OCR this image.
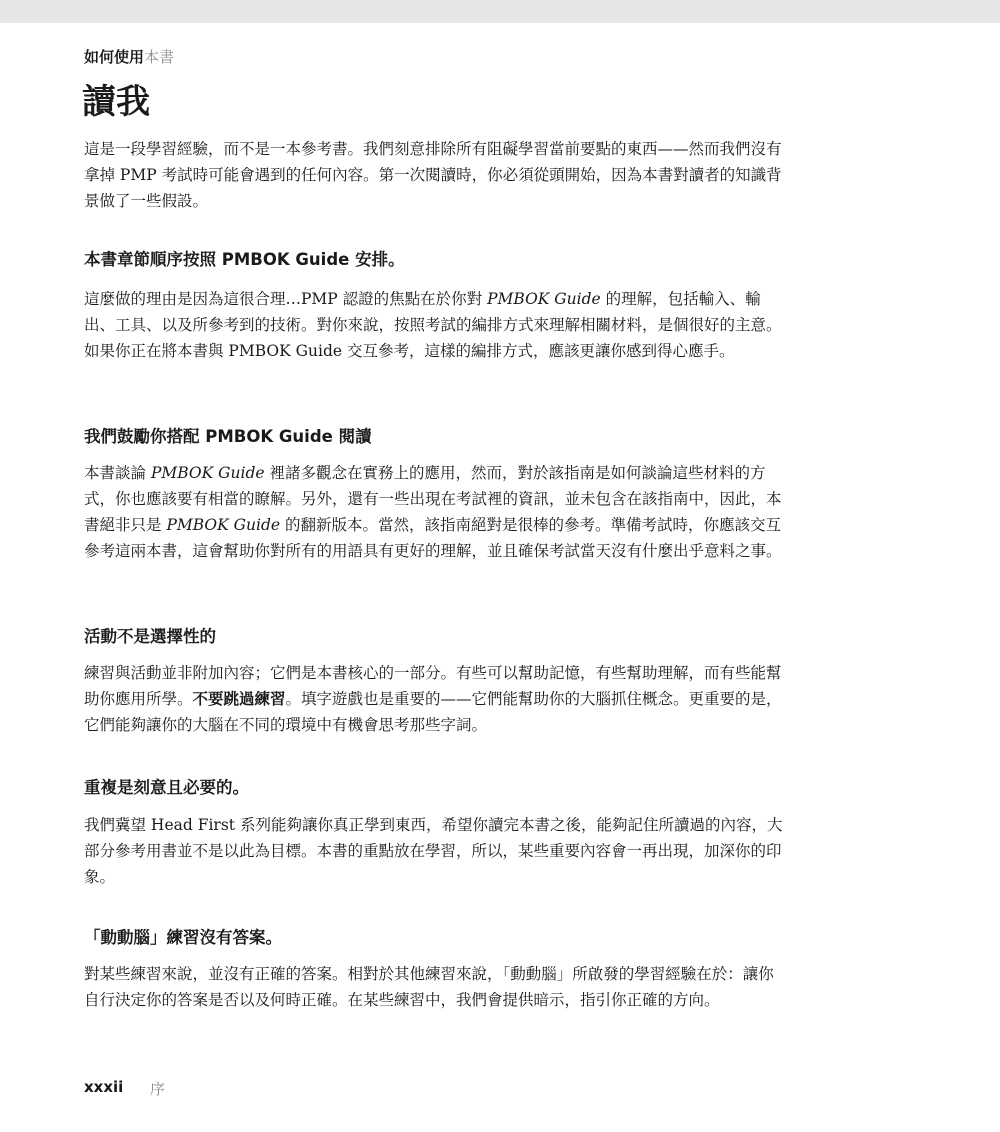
如何使用本書
讀我

這是一段學習經驗，而不是一本參考書。我們刻意排除所有阻礙學習當前要點的東西——然而我們沒有拿掉 PMP 考試時可能會遇到的任何內容。第一次閱讀時，你必須從頭開始，因為本書對讀者的知識背景做了一些假設。

本書章節順序按照 PMBOK Guide 安排。

這麼做的理由是因為這很合理…PMP 認證的焦點在於你對 PMBOK Guide 的理解，包括輸入、輸出、工具、以及所參考到的技術。對你來說，按照考試的編排方式來理解相關材料，是個很好的主意。如果你正在將本書與 PMBOK Guide 交互參考，這樣的編排方式，應該更讓你感到得心應手。

我們鼓勵你搭配 PMBOK Guide 閱讀

本書談論 PMBOK Guide 裡諸多觀念在實務上的應用，然而，對於該指南是如何談論這些材料的方式，你也應該要有相當的瞭解。另外，還有一些出現在考試裡的資訊，並未包含在該指南中，因此，本書絕非只是 PMBOK Guide 的翻新版本。當然，該指南絕對是很棒的參考。準備考試時，你應該交互參考這兩本書，這會幫助你對所有的用語具有更好的理解，並且確保考試當天沒有什麼出乎意料之事。

活動不是選擇性的

練習與活動並非附加內容；它們是本書核心的一部分。有些可以幫助記憶，有些幫助理解，而有些能幫助你應用所學。不要跳過練習。填字遊戲也是重要的——它們能幫助你的大腦抓住概念。更重要的是，它們能夠讓你的大腦在不同的環境中有機會思考那些字詞。

重複是刻意且必要的。

我們冀望 Head First 系列能夠讓你真正學到東西，希望你讀完本書之後，能夠記住所讀過的內容，大部分參考用書並不是以此為目標。本書的重點放在學習，所以，某些重要內容會一再出現，加深你的印象。

「動動腦」練習沒有答案。

對某些練習來說，並沒有正確的答案。相對於其他練習來說，「動動腦」所啟發的學習經驗在於：讓你自行決定你的答案是否以及何時正確。在某些練習中，我們會提供暗示，指引你正確的方向。

xxxii 序
